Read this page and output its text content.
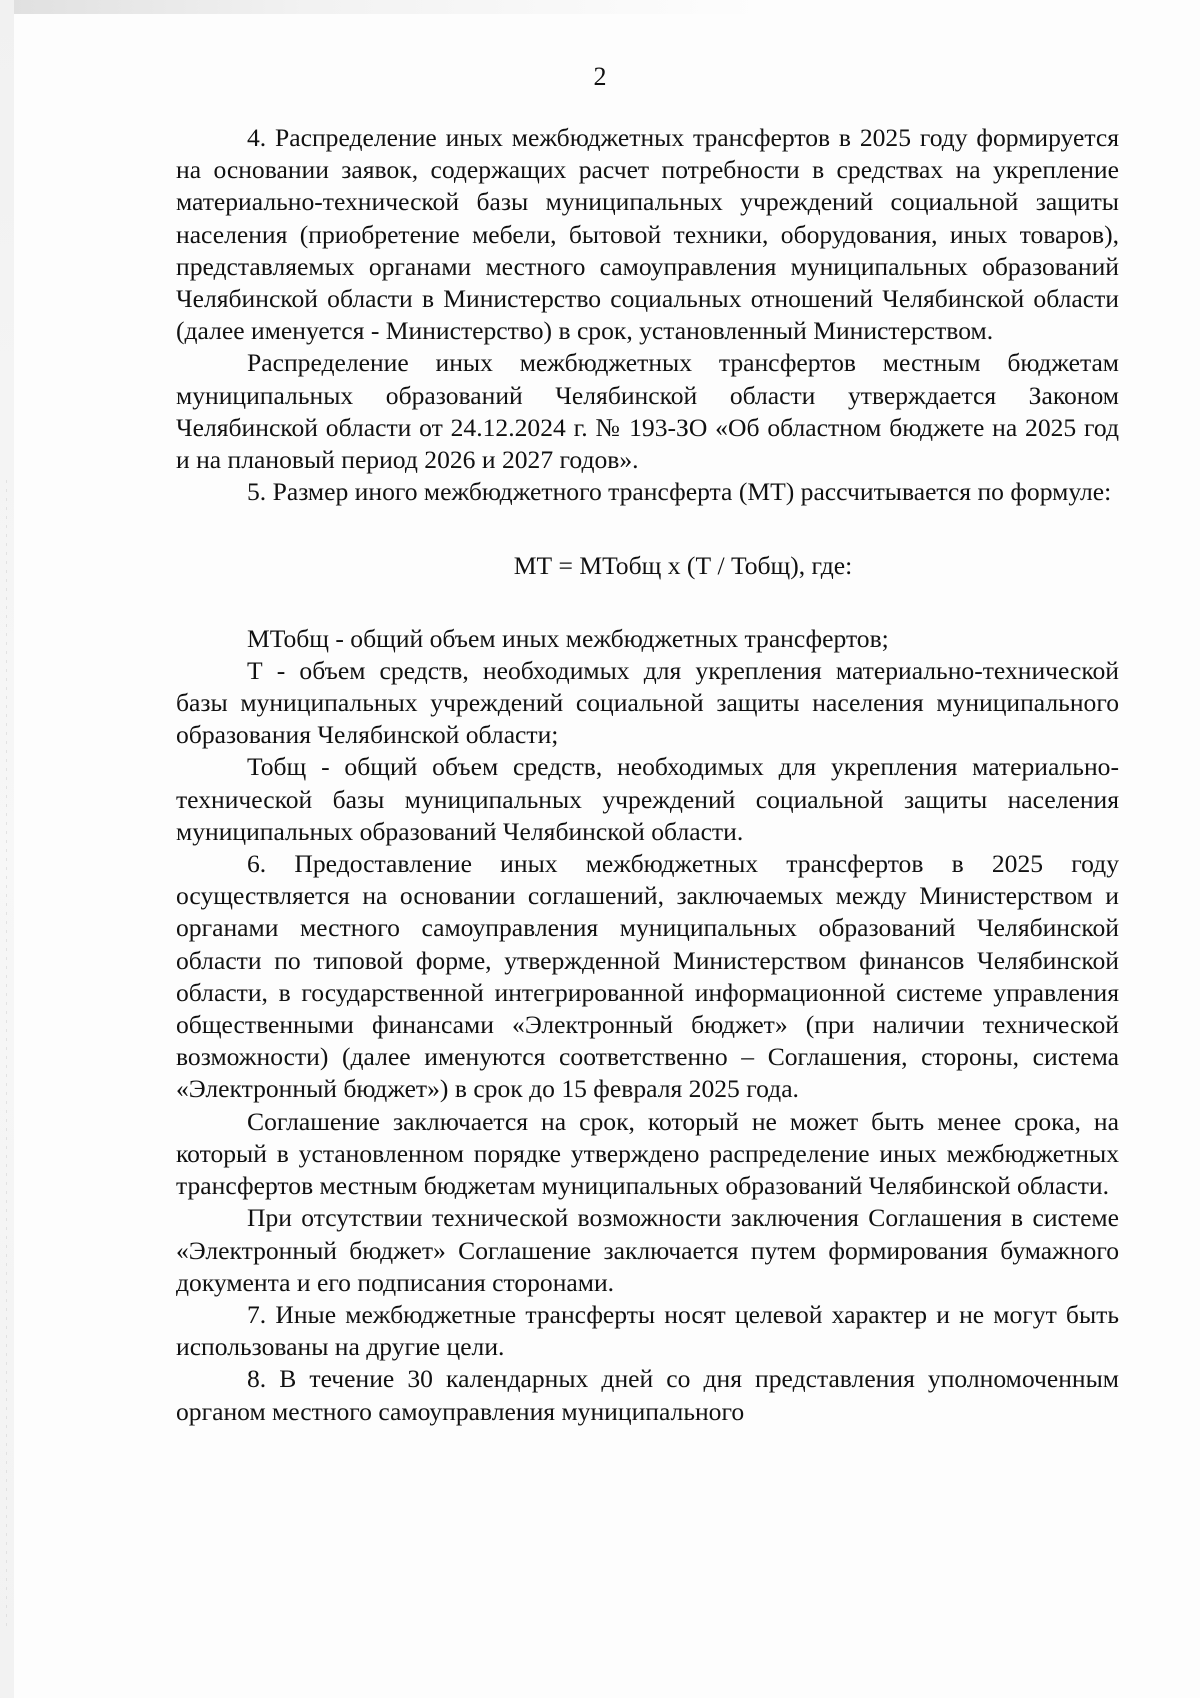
2

4. Распределение иных межбюджетных трансфертов в 2025 году формируется на основании заявок, содержащих расчет потребности в средствах на укрепление материально-технической базы муниципальных учреждений социальной защиты населения (приобретение мебели, бытовой техники, оборудования, иных товаров), представляемых органами местного самоуправления муниципальных образований Челябинской области в Министерство социальных отношений Челябинской области (далее именуется - Министерство) в срок, установленный Министерством.

Распределение иных межбюджетных трансфертов местным бюджетам муниципальных образований Челябинской области утверждается Законом Челябинской области от 24.12.2024 г. № 193-ЗО «Об областном бюджете на 2025 год и на плановый период 2026 и 2027 годов».

5. Размер иного межбюджетного трансферта (МТ) рассчитывается по формуле:

МТ = МТобщ х (Т / Тобщ), где:

МТобщ - общий объем иных межбюджетных трансфертов;

Т - объем средств, необходимых для укрепления материально-технической базы муниципальных учреждений социальной защиты населения муниципального образования Челябинской области;

Тобщ - общий объем средств, необходимых для укрепления материально-технической базы муниципальных учреждений социальной защиты населения муниципальных образований Челябинской области.

6. Предоставление иных межбюджетных трансфертов в 2025 году осуществляется на основании соглашений, заключаемых между Министерством и органами местного самоуправления муниципальных образований Челябинской области по типовой форме, утвержденной Министерством финансов Челябинской области, в государственной интегрированной информационной системе управления общественными финансами «Электронный бюджет» (при наличии технической возможности) (далее именуются соответственно – Соглашения, стороны, система «Электронный бюджет») в срок до 15 февраля 2025 года.

Соглашение заключается на срок, который не может быть менее срока, на который в установленном порядке утверждено распределение иных межбюджетных трансфертов местным бюджетам муниципальных образований Челябинской области.

При отсутствии технической возможности заключения Соглашения в системе «Электронный бюджет» Соглашение заключается путем формирования бумажного документа и его подписания сторонами.

7. Иные межбюджетные трансферты носят целевой характер и не могут быть использованы на другие цели.

8. В течение 30 календарных дней со дня представления уполномоченным органом местного самоуправления муниципального
